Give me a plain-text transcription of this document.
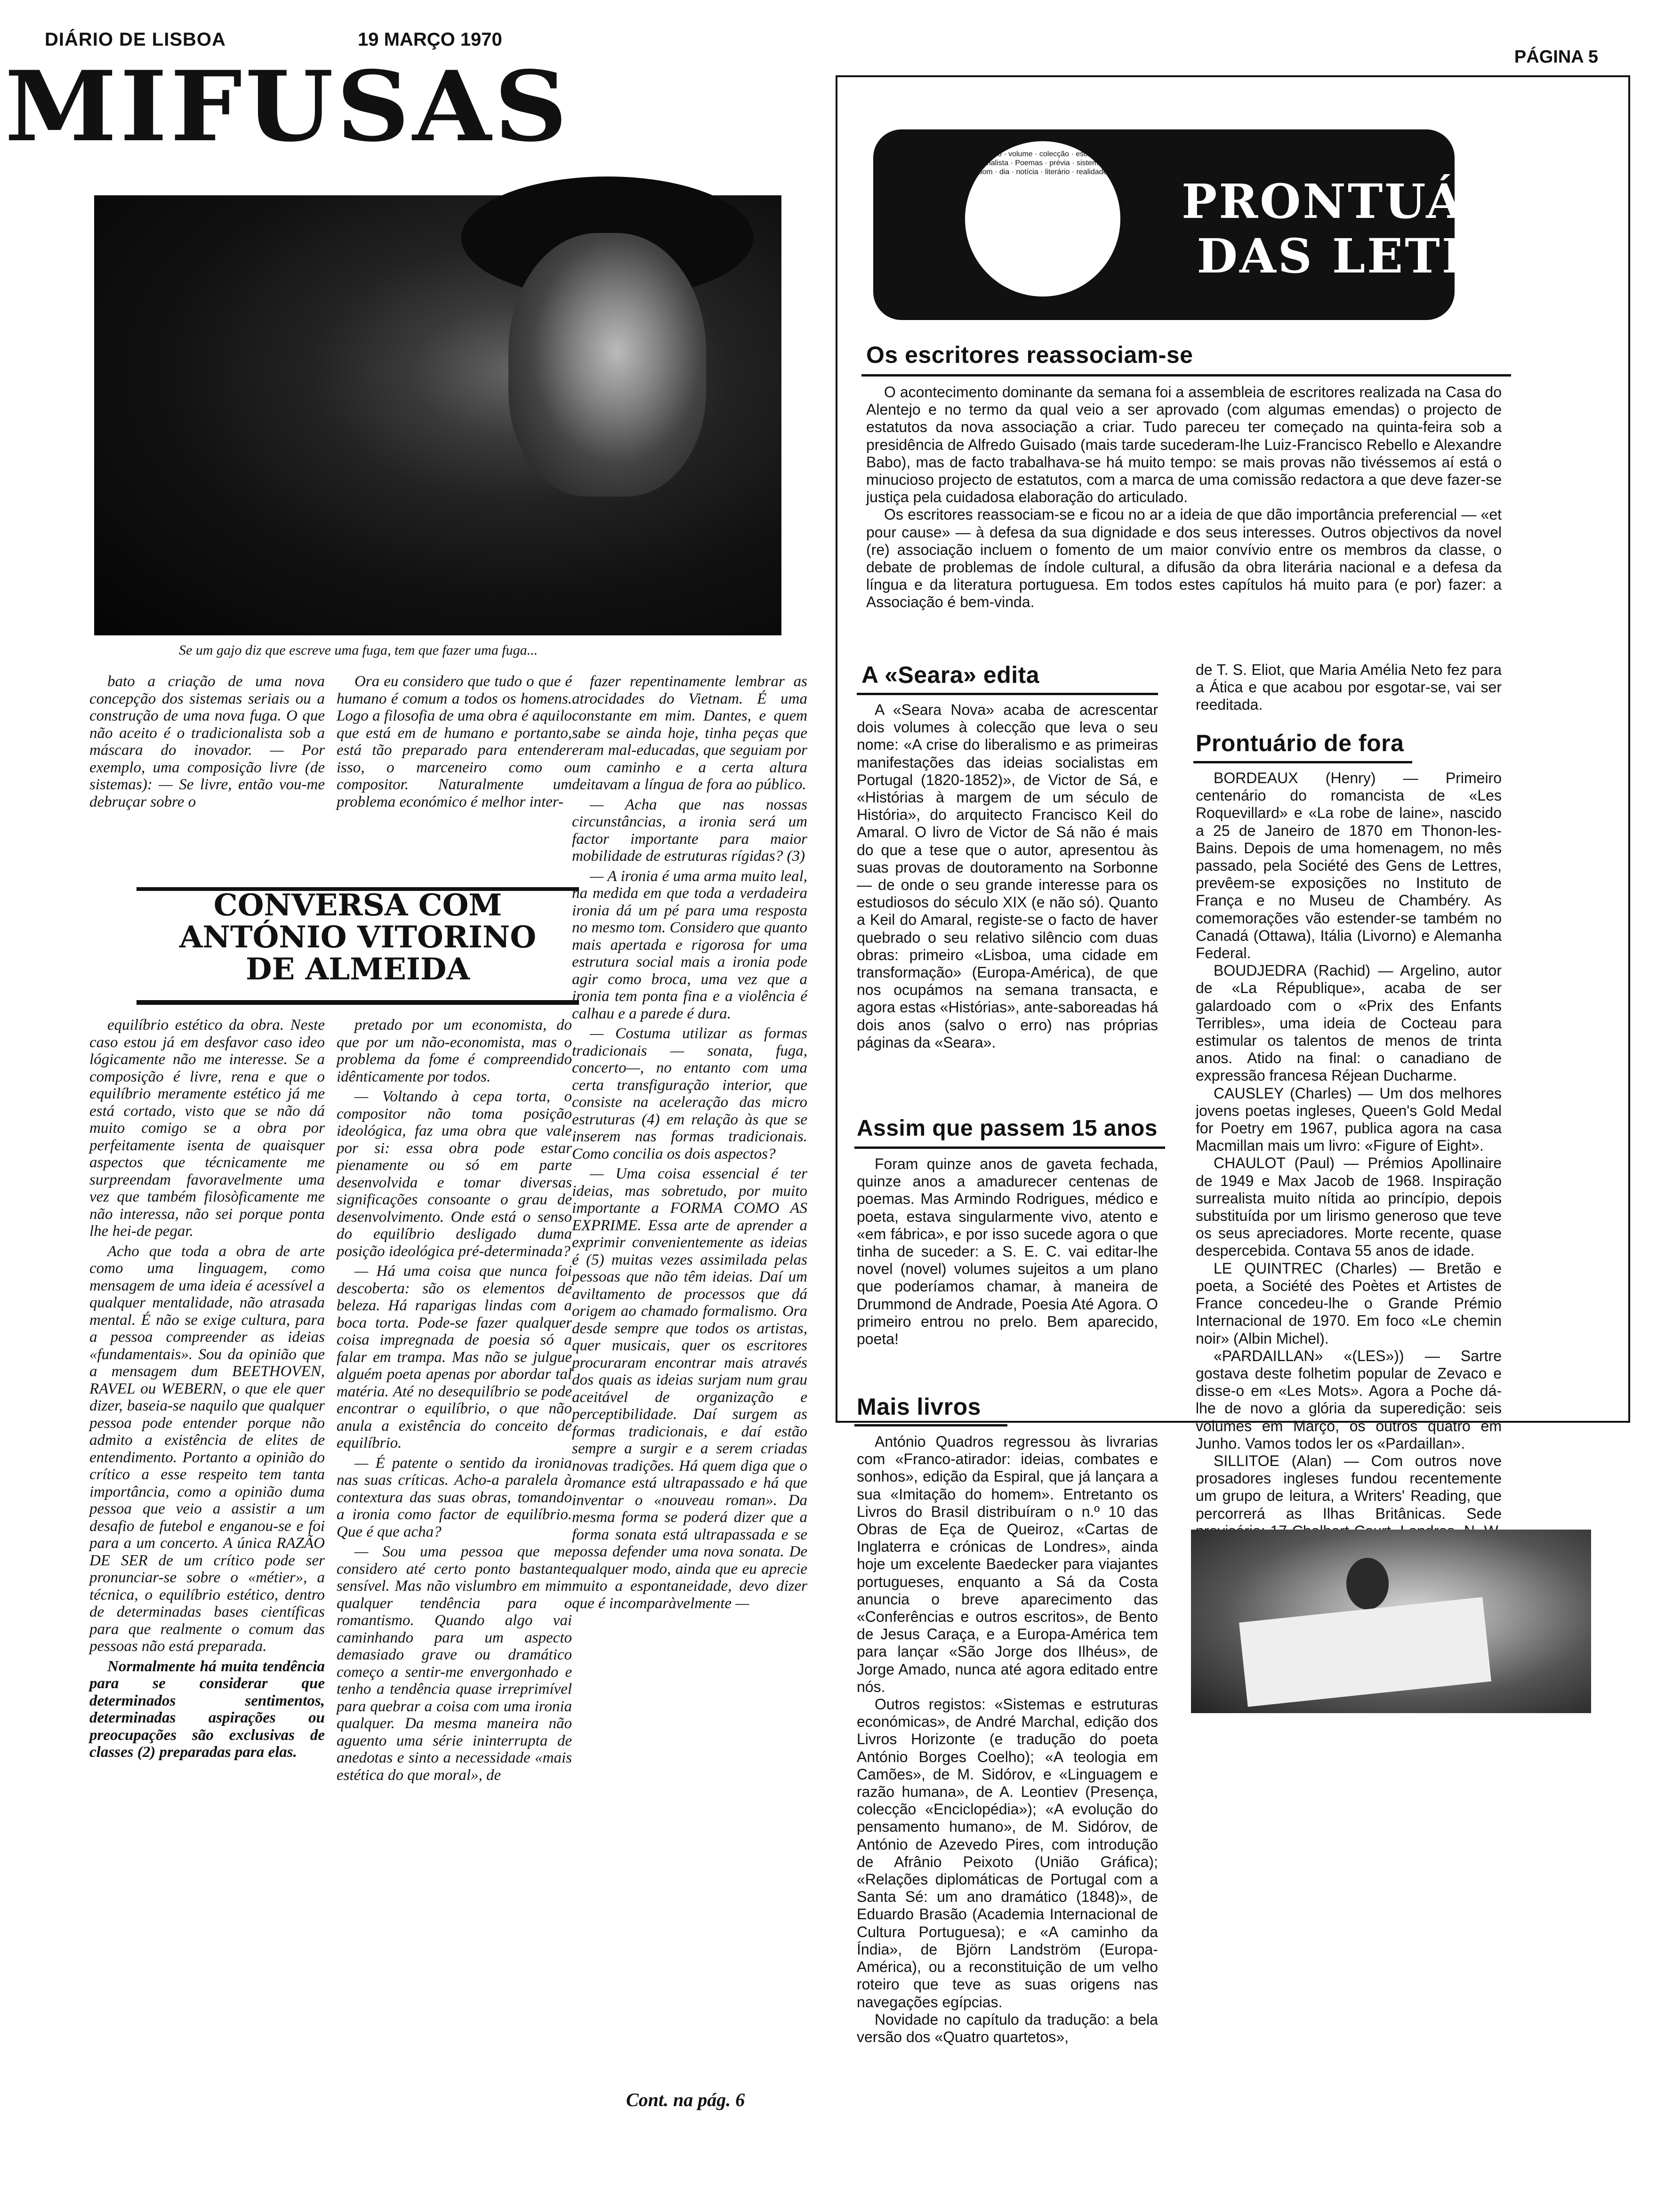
DIÁRIO DE LISBOA	19 MARÇO 1970
PÁGINA 5
MIFUSAS
Se um gajo diz que escreve uma fuga, tem que fazer uma fuga...

bato a criação de uma nova concepção dos sistemas seriais ou a construção de uma nova fuga. O que não aceito é o tradicionalista sob a máscara do inovador. — Por exemplo, uma composição livre (de sistemas): — Se livre, então vou-me debruçar sobre o

Ora eu considero que tudo o que é humano é comum a todos os homens. Logo a filosofia de uma obra é aquilo que está em de humano e portanto, está tão preparado para entender isso, o marceneiro como o compositor. Naturalmente um problema económico é melhor inter-

CONVERSA COM
ANTÓNIO VITORINO
DE ALMEIDA

equilíbrio estético da obra. Neste caso estou já em desfavor caso ideo lógicamente não me interesse. Se a composição é livre, rena e que o equilíbrio meramente estético já me está cortado, visto que se não dá muito comigo se a obra por perfeitamente isenta de quaisquer aspectos que técnicamente me surpreendam favoravelmente uma vez que também filosòficamente me não interessa, não sei porque ponta lhe hei-de pegar.

Acho que toda a obra de arte como uma linguagem, como mensagem de uma ideia é acessível a qualquer mentalidade, não atrasada mental. É não se exige cultura, para a pessoa compreender as ideias «fundamentais». Sou da opinião que a mensagem dum BEETHOVEN, RAVEL ou WEBERN, o que ele quer dizer, baseia-se naquilo que qualquer pessoa pode entender porque não admito a existência de elites de entendimento. Portanto a opinião do crítico a esse respeito tem tanta importância, como a opinião duma pessoa que veio a assistir a um desafio de futebol e enganou-se e foi para a um concerto. A única RAZÃO DE SER de um crítico pode ser pronunciar-se sobre o «métier», a técnica, o equilíbrio estético, dentro de determinadas bases científicas para que realmente o comum das pessoas não está preparada.

Normalmente há muita tendência para se considerar que determinados sentimentos, determinadas aspirações ou preocupações são exclusivas de classes (2) preparadas para elas.

pretado por um economista, do que por um não-economista, mas o problema da fome é compreendido idênticamente por todos.

— Voltando à cepa torta, o compositor não toma posição ideológica, faz uma obra que vale por si: essa obra pode estar pienamente ou só em parte desenvolvida e tomar diversas significações consoante o grau de desenvolvimento. Onde está o senso do equilíbrio desligado duma posição ideológica pré-determinada?

— Há uma coisa que nunca foi descoberta: são os elementos de beleza. Há raparigas lindas com a boca torta. Pode-se fazer qualquer coisa impregnada de poesia só a falar em trampa. Mas não se julgue alguém poeta apenas por abordar tal matéria. Até no desequilíbrio se pode encontrar o equilíbrio, o que não anula a existência do conceito de equilíbrio.

— É patente o sentido da ironia nas suas críticas. Acho-a paralela à contextura das suas obras, tomando a ironia como factor de equilíbrio. Que é que acha?

— Sou uma pessoa que me considero até certo ponto bastante sensível. Mas não vislumbro em mim qualquer tendência para o romantismo. Quando algo vai caminhando para um aspecto demasiado grave ou dramático começo a sentir-me envergonhado e tenho a tendência quase irreprimível para quebrar a coisa com uma ironia qualquer. Da mesma maneira não aguento uma série ininterrupta de anedotas e sinto a necessidade «mais estética do que moral», de

fazer repentinamente lembrar as atrocidades do Vietnam. É uma constante em mim. Dantes, e quem sabe se ainda hoje, tinha peças que eram mal-educadas, que seguiam por um caminho e a certa altura deitavam a língua de fora ao público.

— Acha que nas nossas circunstâncias, a ironia será um factor importante para maior mobilidade de estruturas rígidas? (3)

— A ironia é uma arma muito leal, na medida em que toda a verdadeira ironia dá um pé para uma resposta no mesmo tom. Considero que quanto mais apertada e rigorosa for uma estrutura social mais a ironia pode agir como broca, uma vez que a ironia tem ponta fina e a violência é calhau e a parede é dura.

— Costuma utilizar as formas tradicionais — sonata, fuga, concerto—, no entanto com uma certa transfiguração interior, que consiste na aceleração das micro estruturas (4) em relação às que se inserem nas formas tradicionais. Como concilia os dois aspectos?

— Uma coisa essencial é ter ideias, mas sobretudo, por muito importante a FORMA COMO AS EXPRIME. Essa arte de aprender a exprimir convenientemente as ideias é (5) muitas vezes assimilada pelas pessoas que não têm ideias. Daí um aviltamento de processos que dá origem ao chamado formalismo. Ora desde sempre que todos os artistas, quer musicais, quer os escritores procuraram encontrar mais através dos quais as ideias surjam num grau aceitável de organização e perceptibilidade. Daí surgem as formas tradicionais, e daí estão sempre a surgir e a serem criadas novas tradições. Há quem diga que o romance está ultrapassado e há que inventar o «nouveau roman». Da mesma forma se poderá dizer que a forma sonata está ultrapassada e se possa defender uma nova sonata. De qualquer modo, ainda que eu aprecie muito a espontaneidade, devo dizer que é incomparàvelmente —

Cont. na pág. 6
estudo · volume · colecção · escritos · jornalista · Poemas · prévia · sistema · bom · dia · notícia · literário · realidade
PRONTUÁRIO
DAS LETRAS
Os escritores reassociam-se

O acontecimento dominante da semana foi a assembleia de escritores realizada na Casa do Alentejo e no termo da qual veio a ser aprovado (com algumas emendas) o projecto de estatutos da nova associação a criar. Tudo pareceu ter começado na quinta-feira sob a presidência de Alfredo Guisado (mais tarde sucederam-lhe Luiz-Francisco Rebello e Alexandre Babo), mas de facto trabalhava-se há muito tempo: se mais provas não tivéssemos aí está o minucioso projecto de estatutos, com a marca de uma comissão redactora a que deve fazer-se justiça pela cuidadosa elaboração do articulado.

Os escritores reassociam-se e ficou no ar a ideia de que dão importância preferencial — «et pour cause» — à defesa da sua dignidade e dos seus interesses. Outros objectivos da novel (re) associação incluem o fomento de um maior convívio entre os membros da classe, o debate de problemas de índole cultural, a difusão da obra literária nacional e a defesa da língua e da literatura portuguesa. Em todos estes capítulos há muito para (e por) fazer: a Associação é bem-vinda.

A «Seara» edita

A «Seara Nova» acaba de acrescentar dois volumes à colecção que leva o seu nome: «A crise do liberalismo e as primeiras manifestações das ideias socialistas em Portugal (1820-1852)», de Victor de Sá, e «Histórias à margem de um século de História», do arquitecto Francisco Keil do Amaral. O livro de Victor de Sá não é mais do que a tese que o autor, apresentou às suas provas de doutoramento na Sorbonne — de onde o seu grande interesse para os estudiosos do século XIX (e não só). Quanto a Keil do Amaral, registe-se o facto de haver quebrado o seu relativo silêncio com duas obras: primeiro «Lisboa, uma cidade em transformação» (Europa-América), de que nos ocupámos na semana transacta, e agora estas «Histórias», ante-saboreadas há dois anos (salvo o erro) nas próprias páginas da «Seara».

Assim que passem 15 anos

Foram quinze anos de gaveta fechada, quinze anos a amadurecer centenas de poemas. Mas Armindo Rodrigues, médico e poeta, estava singularmente vivo, atento e «em fábrica», e por isso sucede agora o que tinha de suceder: a S. E. C. vai editar-lhe novel (novel) volumes sujeitos a um plano que poderíamos chamar, à maneira de Drummond de Andrade, Poesia Até Agora. O primeiro entrou no prelo. Bem aparecido, poeta!

Mais livros

António Quadros regressou às livrarias com «Franco-atirador: ideias, combates e sonhos», edição da Espiral, que já lançara a sua «Imitação do homem». Entretanto os Livros do Brasil distribuíram o n.º 10 das Obras de Eça de Queiroz, «Cartas de Inglaterra e crónicas de Londres», ainda hoje um excelente Baedecker para viajantes portugueses, enquanto a Sá da Costa anuncia o breve aparecimento das «Conferências e outros escritos», de Bento de Jesus Caraça, e a Europa-América tem para lançar «São Jorge dos Ilhéus», de Jorge Amado, nunca até agora editado entre nós.

Outros registos: «Sistemas e estruturas económicas», de André Marchal, edição dos Livros Horizonte (e tradução do poeta António Borges Coelho); «A teologia em Camões», de M. Sidórov, e «Linguagem e razão humana», de A. Leontiev (Presença, colecção «Enciclopédia»); «A evolução do pensamento humano», de M. Sidórov, de António de Azevedo Pires, com introdução de Afrânio Peixoto (União Gráfica); «Relações diplomáticas de Portugal com a Santa Sé: um ano dramático (1848)», de Eduardo Brasão (Academia Internacional de Cultura Portuguesa); e «A caminho da Índia», de Björn Landström (Europa-América), ou a reconstituição de um velho roteiro que teve as suas origens nas navegações egípcias.

Novidade no capítulo da tradução: a bela versão dos «Quatro quartetos»,

de T. S. Eliot, que Maria Amélia Neto fez para a Ática e que acabou por esgotar-se, vai ser reeditada.

Prontuário de fora

BORDEAUX (Henry) — Primeiro centenário do romancista de «Les Roquevillard» e «La robe de laine», nascido a 25 de Janeiro de 1870 em Thonon-les-Bains. Depois de uma homenagem, no mês passado, pela Société des Gens de Lettres, prevêem-se exposições no Instituto de França e no Museu de Chambéry. As comemorações vão estender-se também no Canadá (Ottawa), Itália (Livorno) e Alemanha Federal.

BOUDJEDRA (Rachid) — Argelino, autor de «La République», acaba de ser galardoado com o «Prix des Enfants Terribles», uma ideia de Cocteau para estimular os talentos de menos de trinta anos. Atido na final: o canadiano de expressão francesa Réjean Ducharme.

CAUSLEY (Charles) — Um dos melhores jovens poetas ingleses, Queen's Gold Medal for Poetry em 1967, publica agora na casa Macmillan mais um livro: «Figure of Eight».

CHAULOT (Paul) — Prémios Apollinaire de 1949 e Max Jacob de 1968. Inspiração surrealista muito nítida ao princípio, depois substituída por um lirismo generoso que teve os seus apreciadores. Morte recente, quase despercebida. Contava 55 anos de idade.

LE QUINTREC (Charles) — Bretão e poeta, a Société des Poètes et Artistes de France concedeu-lhe o Grande Prémio Internacional de 1970. Em foco «Le chemin noir» (Albin Michel).

«PARDAILLAN» «(LES»)) — Sartre gostava deste folhetim popular de Zevaco e disse-o em «Les Mots». Agora a Poche dá-lhe de novo a glória da superedição: seis volumes em Março, os outros quatro em Junho. Vamos todos ler os «Pardaillan».

SILLITOE (Alan) — Com outros nove prosadores ingleses fundou recentemente um grupo de leitura, a Writers' Reading, que percorrerá as Ilhas Britânicas. Sede
